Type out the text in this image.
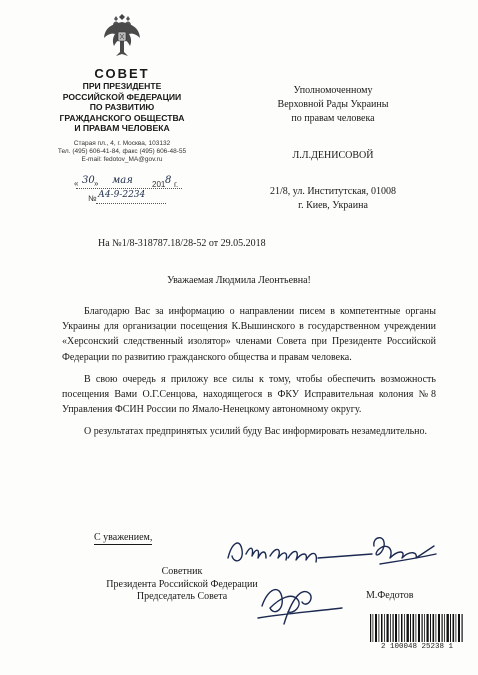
СОВЕТ
ПРИ ПРЕЗИДЕНТЕ
РОССИЙСКОЙ ФЕДЕРАЦИИ
ПО РАЗВИТИЮ
ГРАЖДАНСКОГО ОБЩЕСТВА
И ПРАВАМ ЧЕЛОВЕКА
Старая пл., 4, г. Москва, 103132
Тел. (495) 606-41-84, факс (495) 606-48-55
E-mail: fedotov_MA@gov.ru
« 30 » мая 201 8 г.
№ А4-9-2234
Уполномоченному
Верховной Рады Украины
по правам человека
Л.Л.ДЕНИСОВОЙ
21/8, ул. Институтская, 01008
г. Киев, Украина
На №1/8-318787.18/28-52 от 29.05.2018
Уважаемая Людмила Леонтьевна!

Благодарю Вас за информацию о направлении писем в компетентные органы Украины для организации посещения К.Вышинского в государственном учреждении «Херсонский следственный изолятор» членами Совета при Президенте Российской Федерации по развитию гражданского общества и правам человека.

В свою очередь я приложу все силы к тому, чтобы обеспечить возможность посещения Вами О.Г.Сенцова, находящегося в ФКУ Исправительная колония №8 Управления ФСИН России по Ямало-Ненецкому автономному округу.

О результатах предпринятых усилий буду Вас информировать незамедлительно.

С уважением,
Советник
Президента Российской Федерации
Председатель Совета	М.Федотов
2 100048 25238 1
